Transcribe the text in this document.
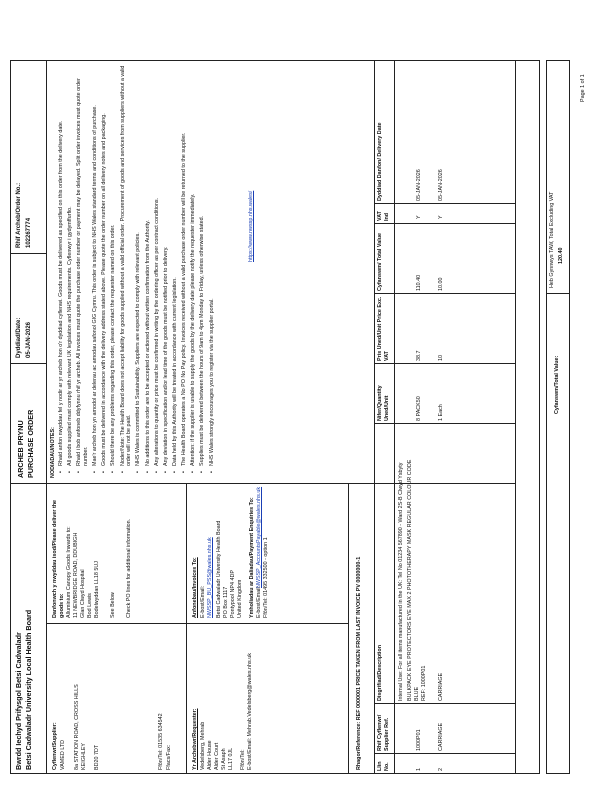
Bwrdd Iechyd Prifysgol Betsi Cadwaladr Betsi Cadwaladr University Local Health Board
ARCHEB PRYNU PURCHASE ORDER
Dyddiad/Date: 05-JAN-2026
Rhif Archeb/Order No.: 102267774
Cyflenwr/Supplier: VAMED LTD 8a STATION ROAD, CROSS HILLS KEIGHLEY BD20 7DT	Ffôn/Tel: 01535 634542 Ffacs/Fax:
Danfonwch y nwyddau isod/Please deliver the goods to: Alluminium Canopy Goods Inwards to: 11 NEWBRIDGE ROAD, DDUBIGH Glan Clwyd Hospital Bod Lewis Bodelwyddan LL18 5UJ See Below Check PO lines for additional information.
Yr Archebwr/Requester: Vedelsberg, Mehrab Alder House Alder Court St Asaph LL17 0JL Ffôn/Tel: E-bost/Email: Mehrab.Vedelsberg@wales.nhs.uk
Anfonebau/Invoices To: E-bost/Email: NWSSP_BU_PSS@wales.nhs.uk Betsi Cadwaladr University Health Board PO Box 1117 Pontypool NP4 4DP United Kingdom Ymholiadau ar Daliadau/Payment Enquiries To: E-bost/Email:
NWSSP_AccountsPayable@wales.nhs.uk Ffôn/Tel: 01495 332500 - option 1
NODIADAU/NOTES: • Rhaid anfon nwyddau fel y nodir ar yr archeb hon o'r dyddiad cyflenwi. Goods must be delivered as specified on this order from the delivery date. • All goods supplied must comply with relevant UK legislation and NHS requirements. Cyflenwyr i gydymffurfio. • Rhaid i bob anfoneb ddyfynnu rhif yr archeb. All invoices must quote the purchase order number or payment may be delayed. Split order invoices must quote order number. • Mae'r archeb hon yn amodol ar delerau ac amodau safonol GIG Cymru. This order is subject to NHS Wales standard terms and conditions of purchase. • Goods must be delivered in accordance with the delivery address stated above. Please quote the order number on all delivery notes and packaging. • Should there be any problems regarding this order, please contact the requester named on this order. • Noder/Note: The Health Board does not accept liability for goods supplied without a valid official order. Procurement of goods and services from suppliers without a valid order will not be paid. • NHS Wales is committed to Sustainability. Suppliers are expected to comply with relevant policies. • No additions to this order are to be accepted or actioned without written confirmation from the Authority. • Any alterations to quantity or price must be confirmed in writing by the ordering officer as per contract conditions. • Any deviation in specification and/or lead time of the goods must be notified prior to delivery. • Data held by this Authority will be treated in accordance with current legislation. • The Health Board operates a No PO No Pay policy. Invoices received without a valid purchase order number will be returned to the supplier. • Attention: if the supplier is unable to supply the goods by the delivery date please notify the requester immediately. • Supplies must be delivered between the hours of 9am to 4pm Monday to Friday, unless otherwise stated. • NHS Wales strongly encourages you to register via the supplier portal.
https://www.nwssp.nhs.wales/
Rhagor/Reference: REF 0000001 PRICE TAKEN FROM LAST INVOICE PV 0000000-1	Llin No.
Rhif Cyflenwr/ Supplier Ref.
Disgrifiad/Description
Nifer/Quantity Uned/Unit
Pris Uned/Unit Price Exc. VAT
Cyfanswm/ Total Value
VAT Ind
Dyddiad Danfon/ Delivery Date
1
1000P01
Internal Use: For all items manufactured in the UK: Tel No 01234 567890 - Ward 2S-B Clwyd Ysbyty BULKPACK EYE PROTECTORS EYE MAX 2 PHOTOTHERAPY MASK REGULAR COLOUR CODE BLUE REF: 1000P01
8 PACK50
38.7
110.40
Y
05-JAN-2026
2
CARRIAGE
CARRIAGE
1 Each
10
10.00
Y
05-JAN-2026
Cyfanswm/Total Value:
Heb Gynnwys TAW, Total Excluding VAT
120.40
Page 1 of 1
